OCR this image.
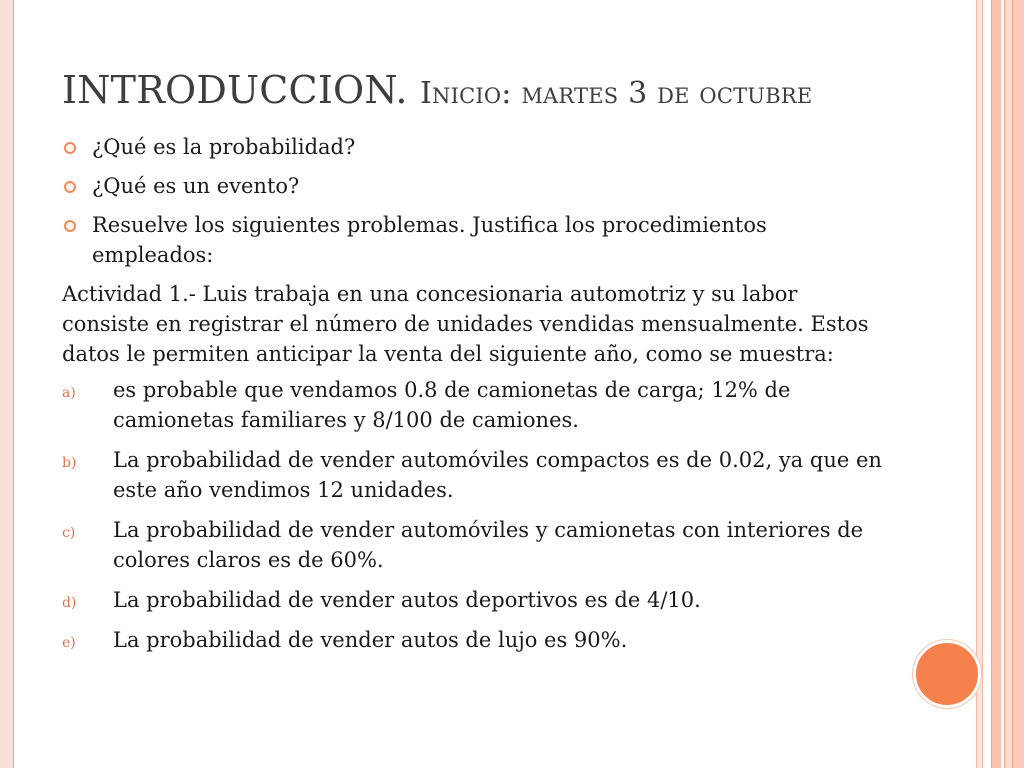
INTRODUCCION. Inicio: martes 3 de octubre
¿Qué es la probabilidad?
¿Qué es un evento?
Resuelve los siguientes problemas. Justifica los procedimientos empleados:

Actividad 1.- Luis trabaja en una concesionaria automotriz y su labor consiste en registrar el número de unidades vendidas mensualmente. Estos datos le permiten anticipar la venta del siguiente año, como se muestra:

a) es probable que vendamos 0.8 de camionetas de carga; 12% de camionetas familiares y 8/100 de camiones.
b) La probabilidad de vender automóviles compactos es de 0.02, ya que en este año vendimos 12 unidades.
c) La probabilidad de vender automóviles y camionetas con interiores de colores claros es de 60%.
d) La probabilidad de vender autos deportivos es de 4/10.
e) La probabilidad de vender autos de lujo es 90%.
